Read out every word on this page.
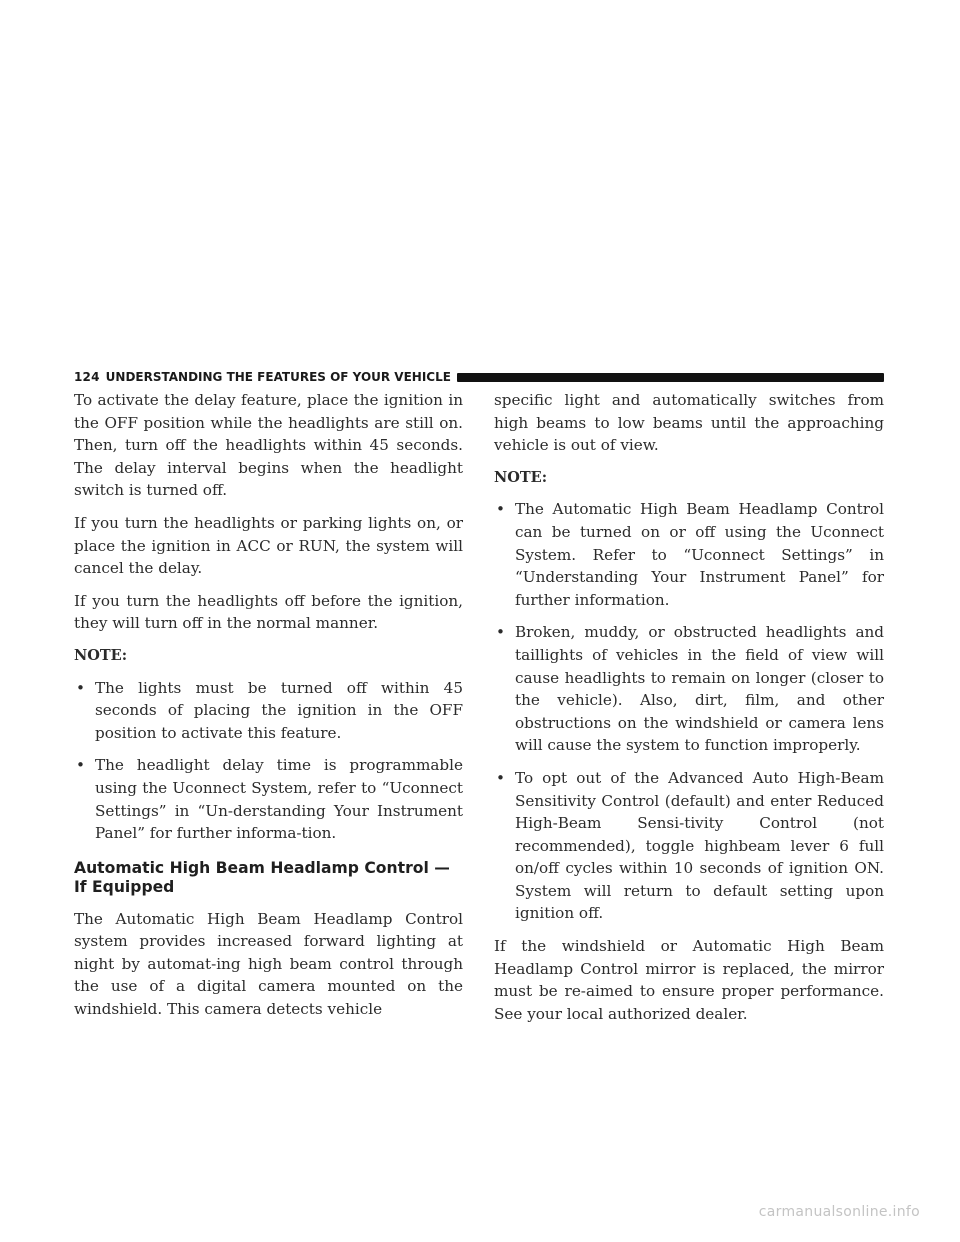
124 UNDERSTANDING THE FEATURES OF YOUR VEHICLE

To activate the delay feature, place the ignition in the OFF position while the headlights are still on. Then, turn off the headlights within 45 seconds. The delay interval begins when the headlight switch is turned off.

If you turn the headlights or parking lights on, or place the ignition in ACC or RUN, the system will cancel the delay.

If you turn the headlights off before the ignition, they will turn off in the normal manner.

NOTE:
• The lights must be turned off within 45 seconds of placing the ignition in the OFF position to activate this feature.
• The headlight delay time is programmable using the Uconnect System, refer to “Uconnect Settings” in “Un-derstanding Your Instrument Panel” for further informa-tion.
Automatic High Beam Headlamp Control — If Equipped

The Automatic High Beam Headlamp Control system provides increased forward lighting at night by automat-ing high beam control through the use of a digital camera mounted on the windshield. This camera detects vehicle

specific light and automatically switches from high beams to low beams until the approaching vehicle is out of view.

NOTE:
• The Automatic High Beam Headlamp Control can be turned on or off using the Uconnect System. Refer to “Uconnect Settings” in “Understanding Your Instrument Panel” for further information.
• Broken, muddy, or obstructed headlights and taillights of vehicles in the field of view will cause headlights to remain on longer (closer to the vehicle). Also, dirt, film, and other obstructions on the windshield or camera lens will cause the system to function improperly.
• To opt out of the Advanced Auto High-Beam Sensitivity Control (default) and enter Reduced High-Beam Sensi-tivity Control (not recommended), toggle highbeam lever 6 full on/off cycles within 10 seconds of ignition ON. System will return to default setting upon ignition off.

If the windshield or Automatic High Beam Headlamp Control mirror is replaced, the mirror must be re-aimed to ensure proper performance. See your local authorized dealer.

carmanualsonline.info
